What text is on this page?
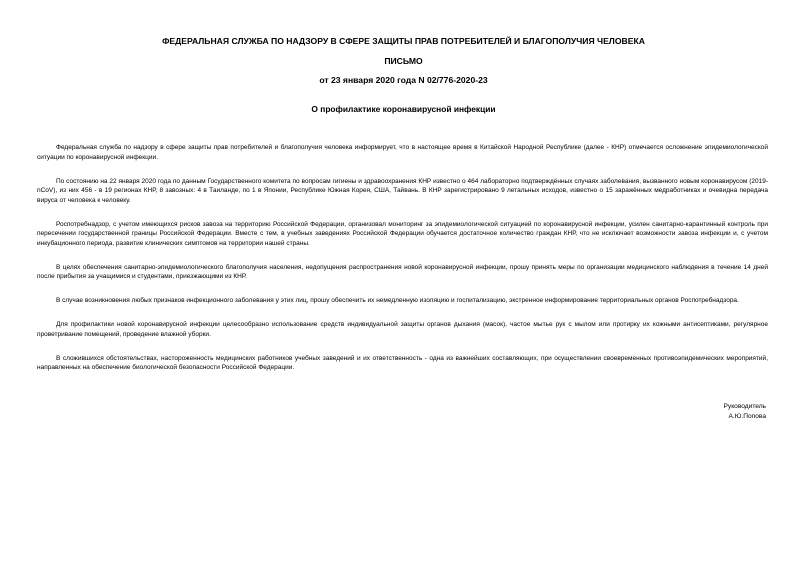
ФЕДЕРАЛЬНАЯ СЛУЖБА ПО НАДЗОРУ В СФЕРЕ ЗАЩИТЫ ПРАВ ПОТРЕБИТЕЛЕЙ И БЛАГОПОЛУЧИЯ ЧЕЛОВЕКА
ПИСЬМО
от 23 января 2020 года N 02/776-2020-23
О профилактике коронавирусной инфекции

Федеральная служба по надзору в сфере защиты прав потребителей и благополучия человека информирует, что в настоящее время в Китайской Народной Республике (далее - КНР) отмечается осложнение эпидемиологической ситуации по коронавирусной инфекции.

По состоянию на 22 января 2020 года по данным Государственного комитета по вопросам гигиены и здравоохранения КНР известно о 464 лабораторно подтверждённых случаях заболевания, вызванного новым коронавирусом (2019-nCoV), из них 456 - в 19 регионах КНР, 8 завозных: 4 в Таиланде, по 1 в Японии, Республике Южная Корея, США, Тайвань. В КНР зарегистрировано 9 летальных исходов, известно о 15 заражённых медработниках и очевидна передача вируса от человека к человеку.

Роспотребнадзор, с учетом имеющихся рисков завоза на территорию Российской Федерации, организовал мониторинг за эпидемиологической ситуацией по коронавирусной инфекции, усилен санитарно-карантинный контроль при пересечении государственной границы Российской Федерации. Вместе с тем, в учебных заведениях Российской Федерации обучается достаточное количество граждан КНР, что не исключает возможности завоза инфекции и, с учетом инкубационного периода, развитие клинических симптомов на территории нашей страны.

В целях обеспечения санитарно-эпидемиологического благополучия населения, недопущения распространения новой коронавирусной инфекции, прошу принять меры по организации медицинского наблюдения в течение 14 дней после прибытия за учащимися и студентами, приезжающими из КНР.

В случае возникновения любых признаков инфекционного заболевания у этих лиц, прошу обеспечить их немедленную изоляцию и госпитализацию, экстренное информирование территориальных органов Роспотребнадзора.

Для профилактики новой коронавирусной инфекции целесообразно использование средств индивидуальной защиты органов дыхания (масок), частое мытье рук с мылом или протирку их кожными антисептиками, регулярное проветривание помещений, проведение влажной уборки.

В сложившихся обстоятельствах, настороженность медицинских работников учебных заведений и их ответственность - одна из важнейших составляющих, при осуществлении своевременных противоэпидемических мероприятий, направленных на обеспечение биологической безопасности Российской Федерации.

Руководитель
А.Ю.Попова
